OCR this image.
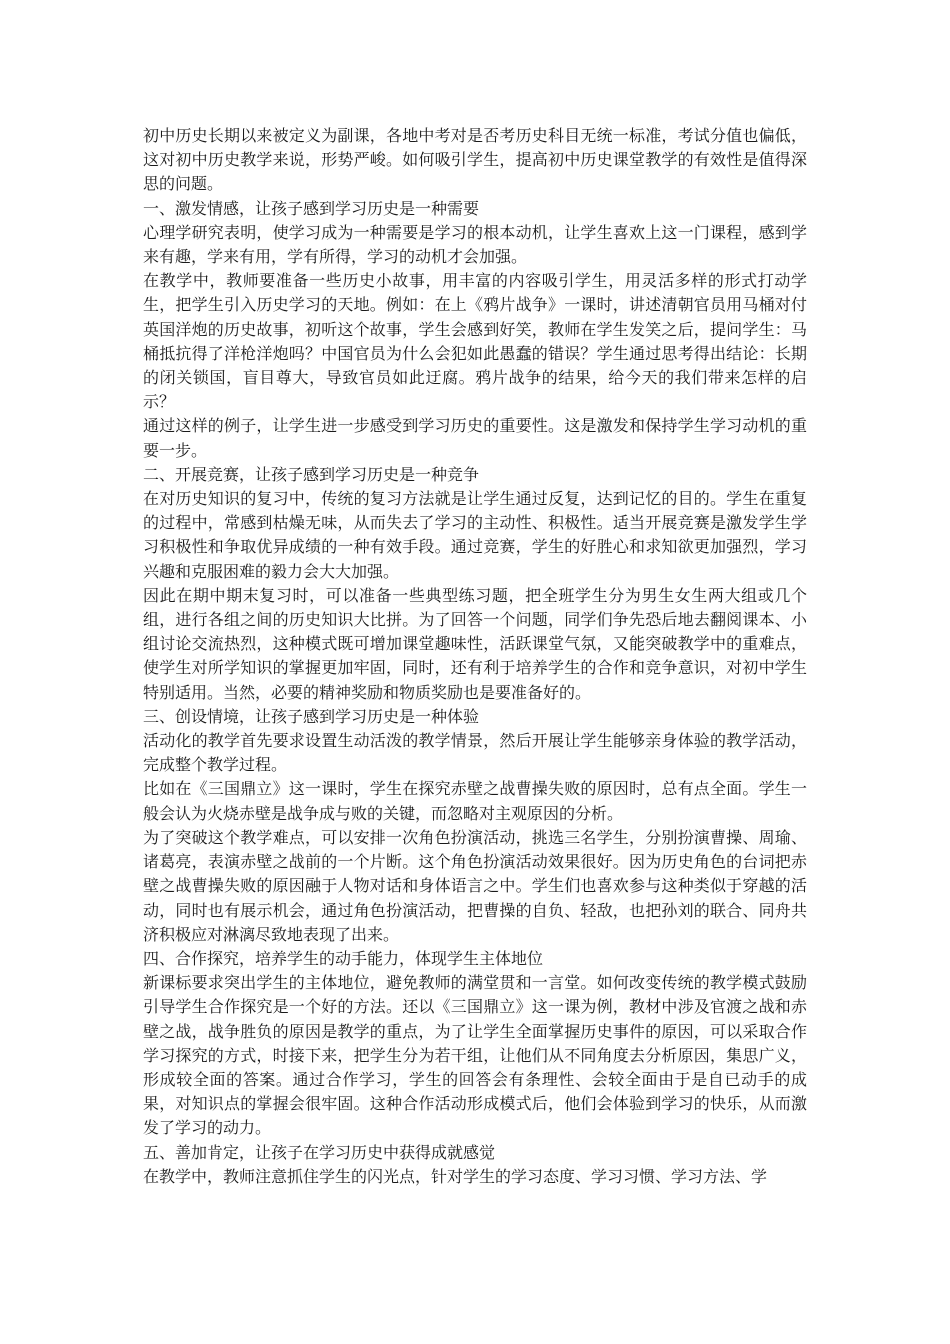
初中历史长期以来被定义为副课，各地中考对是否考历史科目无统一标准，考试分值也偏低，这对初中历史教学来说，形势严峻。如何吸引学生，提高初中历史课堂教学的有效性是值得深思的问题。

一、激发情感，让孩子感到学习历史是一种需要

心理学研究表明，使学习成为一种需要是学习的根本动机，让学生喜欢上这一门课程，感到学来有趣，学来有用，学有所得，学习的动机才会加强。

在教学中，教师要准备一些历史小故事，用丰富的内容吸引学生，用灵活多样的形式打动学生，把学生引入历史学习的天地。例如：在上《鸦片战争》一课时，讲述清朝官员用马桶对付英国洋炮的历史故事，初听这个故事，学生会感到好笑，教师在学生发笑之后，提问学生：马桶抵抗得了洋枪洋炮吗？中国官员为什么会犯如此愚蠢的错误？学生通过思考得出结论：长期的闭关锁国，盲目尊大，导致官员如此迂腐。鸦片战争的结果，给今天的我们带来怎样的启示？

通过这样的例子，让学生进一步感受到学习历史的重要性。这是激发和保持学生学习动机的重要一步。

二、开展竞赛，让孩子感到学习历史是一种竞争

在对历史知识的复习中，传统的复习方法就是让学生通过反复，达到记忆的目的。学生在重复的过程中，常感到枯燥无味，从而失去了学习的主动性、积极性。适当开展竞赛是激发学生学习积极性和争取优异成绩的一种有效手段。通过竞赛，学生的好胜心和求知欲更加强烈，学习兴趣和克服困难的毅力会大大加强。

因此在期中期末复习时，可以准备一些典型练习题，把全班学生分为男生女生两大组或几个组，进行各组之间的历史知识大比拼。为了回答一个问题，同学们争先恐后地去翻阅课本、小组讨论交流热烈，这种模式既可增加课堂趣味性，活跃课堂气氛，又能突破教学中的重难点，使学生对所学知识的掌握更加牢固，同时，还有利于培养学生的合作和竞争意识，对初中学生特别适用。当然，必要的精神奖励和物质奖励也是要准备好的。

三、创设情境，让孩子感到学习历史是一种体验

活动化的教学首先要求设置生动活泼的教学情景，然后开展让学生能够亲身体验的教学活动，完成整个教学过程。

比如在《三国鼎立》这一课时，学生在探究赤壁之战曹操失败的原因时，总有点全面。学生一般会认为火烧赤壁是战争成与败的关键，而忽略对主观原因的分析。

为了突破这个教学难点，可以安排一次角色扮演活动，挑选三名学生，分别扮演曹操、周瑜、诸葛亮，表演赤壁之战前的一个片断。这个角色扮演活动效果很好。因为历史角色的台词把赤壁之战曹操失败的原因融于人物对话和身体语言之中。学生们也喜欢参与这种类似于穿越的活动，同时也有展示机会，通过角色扮演活动，把曹操的自负、轻敌，也把孙刘的联合、同舟共济积极应对淋漓尽致地表现了出来。

四、合作探究，培养学生的动手能力，体现学生主体地位

新课标要求突出学生的主体地位，避免教师的满堂贯和一言堂。如何改变传统的教学模式鼓励引导学生合作探究是一个好的方法。还以《三国鼎立》这一课为例，教材中涉及官渡之战和赤壁之战，战争胜负的原因是教学的重点，为了让学生全面掌握历史事件的原因，可以采取合作学习探究的方式，时接下来，把学生分为若干组，让他们从不同角度去分析原因，集思广义，形成较全面的答案。通过合作学习，学生的回答会有条理性、会较全面由于是自已动手的成果，对知识点的掌握会很牢固。这种合作活动形成模式后，他们会体验到学习的快乐，从而激发了学习的动力。

五、善加肯定，让孩子在学习历史中获得成就感觉

在教学中，教师注意抓住学生的闪光点，针对学生的学习态度、学习习惯、学习方法、学
